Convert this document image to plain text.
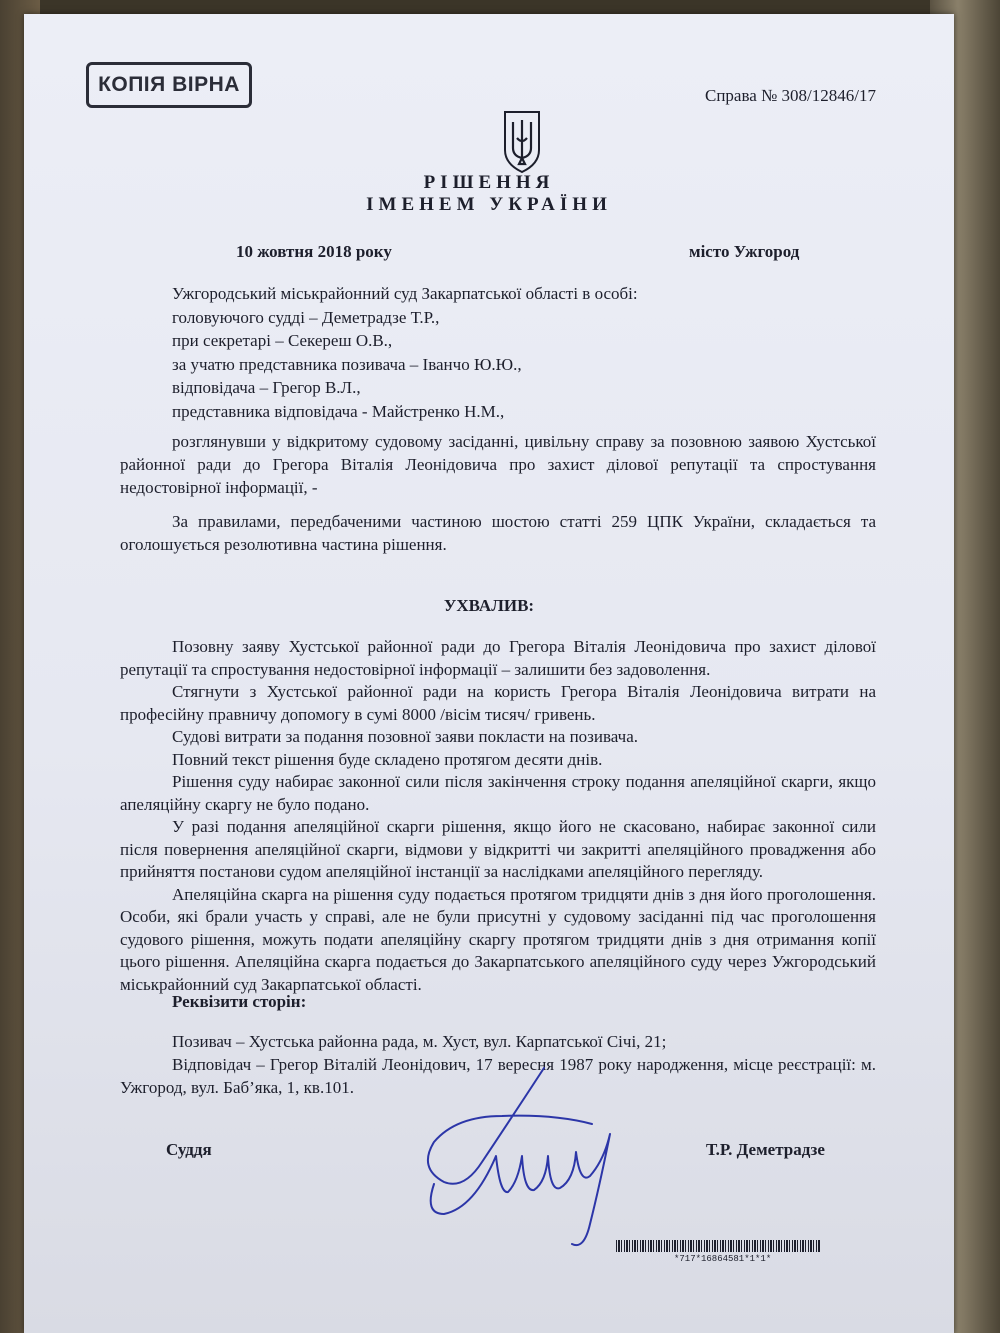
КОПІЯ ВІРНА	Справа № 308/12846/17
РІШЕННЯ
ІМЕНЕМ УКРАЇНИ
10 жовтня 2018 року	місто Ужгород
Ужгородський міськрайонний суд Закарпатської області в особі:
головуючого судді – Деметрадзе Т.Р.,
при секретарі – Секереш О.В.,
за учатю представника позивача – Іванчо Ю.Ю.,
відповідача – Грегор В.Л.,
представника відповідача - Майстренко Н.М.,

розглянувши у відкритому судовому засіданні, цивільну справу за позовною заявою Хустської районної ради до Грегора Віталія Леонідовича про захист ділової репутації та спростування недостовірної інформації, -

За правилами, передбаченими частиною шостою статті 259 ЦПК України, складається та оголошується резолютивна частина рішення.

УХВАЛИВ:

Позовну заяву Хустської районної ради до Грегора Віталія Леонідовича про захист ділової репутації та спростування недостовірної інформації – залишити без задоволення.

Стягнути з Хустської районної ради на користь Грегора Віталія Леонідовича витрати на професійну правничу допомогу в сумі 8000 /вісім тисяч/ гривень.

Судові витрати за подання позовної заяви покласти на позивача.

Повний текст рішення буде складено протягом десяти днів.

Рішення суду набирає законної сили після закінчення строку подання апеляційної скарги, якщо апеляційну скаргу не було подано.

У разі подання апеляційної скарги рішення, якщо його не скасовано, набирає законної сили після повернення апеляційної скарги, відмови у відкритті чи закритті апеляційного провадження або прийняття постанови судом апеляційної інстанції за наслідками апеляційного перегляду.

Апеляційна скарга на рішення суду подається протягом тридцяти днів з дня його проголошення. Особи, які брали участь у справі, але не були присутні у судовому засіданні під час проголошення судового рішення, можуть подати апеляційну скаргу протягом тридцяти днів з дня отримання копії цього рішення. Апеляційна скарга подається до Закарпатського апеляційного суду через Ужгородський міськрайонний суд Закарпатської області.

Реквізити сторін:

Позивач – Хустська районна рада, м. Хуст, вул. Карпатської Січі, 21;

Відповідач – Грегор Віталій Леонідович, 17 вересня 1987 року народження, місце реєстрації: м. Ужгород, вул. Баб’яка, 1, кв.101.

Суддя	Т.Р. Деметрадзе
*717*16864581*1*1*
